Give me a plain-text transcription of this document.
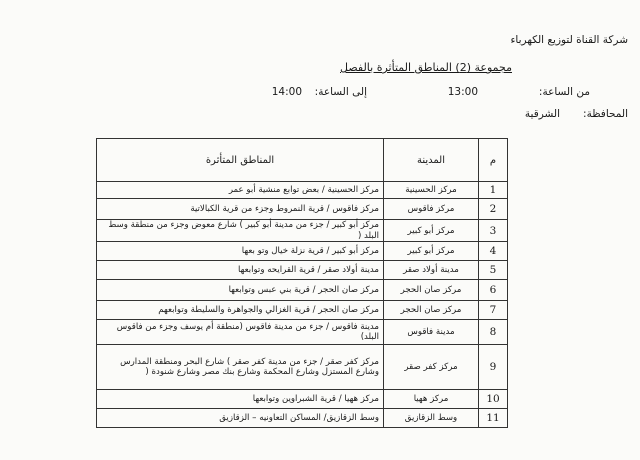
شركة القناة لتوزيع الكهرباء
مجموعة (2) المناطق المتأثرة بالفصل
من الساعة:
13:00
إلى الساعة:
14:00
المحافظة:
الشرقية
م	المدينة	المناطق المتأثرة
1	مركز الحسينية	مركز الحسينية / بعض توابع منشية أبو عمر
2	مركز فاقوس	مركز فاقوس / قرية النمروط وجزء من قرية الكبالاتية
3	مركز أبو كبير	مركز أبو كبير / جزء من مدينة أبو كبير ) شارع معوض وجزء من منطقة وسط البلد (
4	مركز أبو كبير	مركز أبو كبير / قرية نزلة خيال وتو بعها
5	مدينة أولاد صقر	مدينة أولاد صقر / قرية القرايحه وتوابعها
6	مركز صان الحجر	مركز صان الحجر / قرية بني عبس وتوابعها
7	مركز صان الحجر	مركز صان الحجر / قرية الغزالي والجواهرة والسليطة وتوابعهم
8	مدينة فاقوس	مدينة فاقوس / جزء من مدينة فاقوس (منطقة أم يوسف وجزء من فاقوس البلد)
9	مركز كفر صقر	مركز كفر صقر / جزء من مدينة كفر صقر ) شارع البحر ومنطقة المدارس وشارع المستزل وشارع المحكمة وشارع بنك مصر وشارع شنودة (
10	مركز ههيا	مركز ههيا / قرية الشبراوين وتوابعها
11	وسط الزقازيق	وسط الزقازيق/ المساكن التعاونيه – الزقازيق
